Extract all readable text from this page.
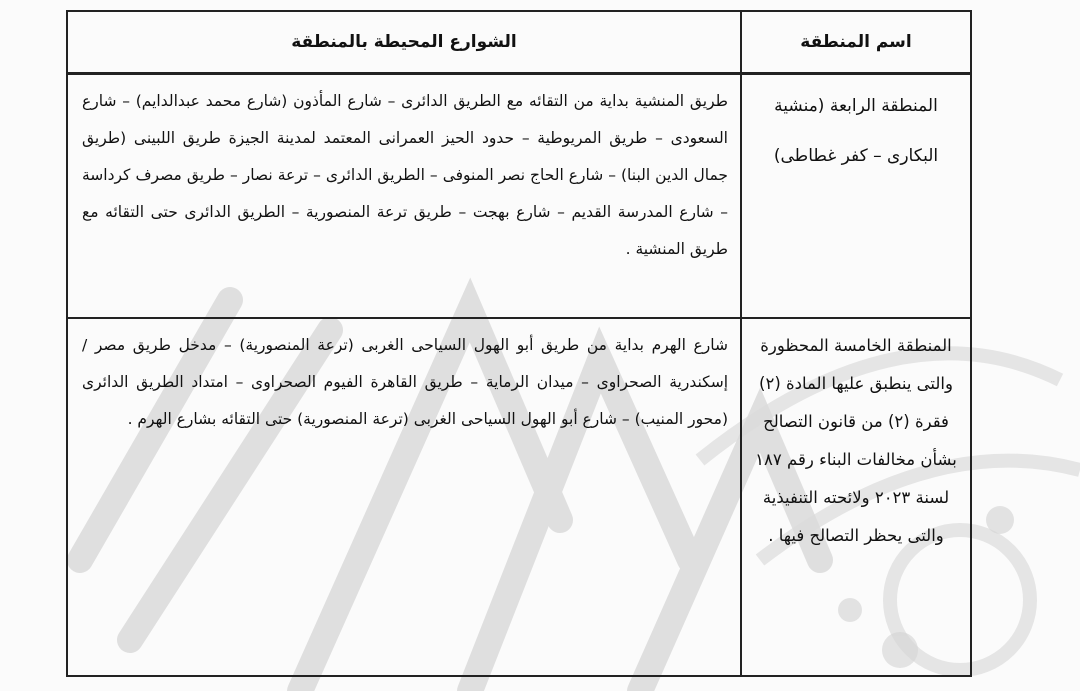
اسم المنطقة	الشوارع المحيطة بالمنطقة

المنطقة الرابعة (منشية البكارى – كفر غطاطى)	طريق المنشية بداية من التقائه مع الطريق الدائرى – شارع المأذون (شارع محمد عبدالدايم) – شارع السعودى – طريق المريوطية – حدود الحيز العمرانى المعتمد لمدينة الجيزة طريق اللبينى (طريق جمال الدين البنا) – شارع الحاج نصر المنوفى – الطريق الدائرى – ترعة نصار – طريق مصرف كرداسة – شارع المدرسة القديم – شارع بهجت – طريق ترعة المنصورية – الطريق الدائرى حتى التقائه مع طريق المنشية .

المنطقة الخامسة المحظورة والتى ينطبق عليها المادة (٢) فقرة (٢) من قانون التصالح بشأن مخالفات البناء رقم ١٨٧ لسنة ٢٠٢٣ ولائحته التنفيذية والتى يحظر التصالح فيها .	شارع الهرم بداية من طريق أبو الهول السياحى الغربى (ترعة المنصورية) – مدخل طريق مصر / إسكندرية الصحراوى – ميدان الرماية – طريق القاهرة الفيوم الصحراوى – امتداد الطريق الدائرى (محور المنيب) – شارع أبو الهول السياحى الغربى (ترعة المنصورية) حتى التقائه بشارع الهرم .
